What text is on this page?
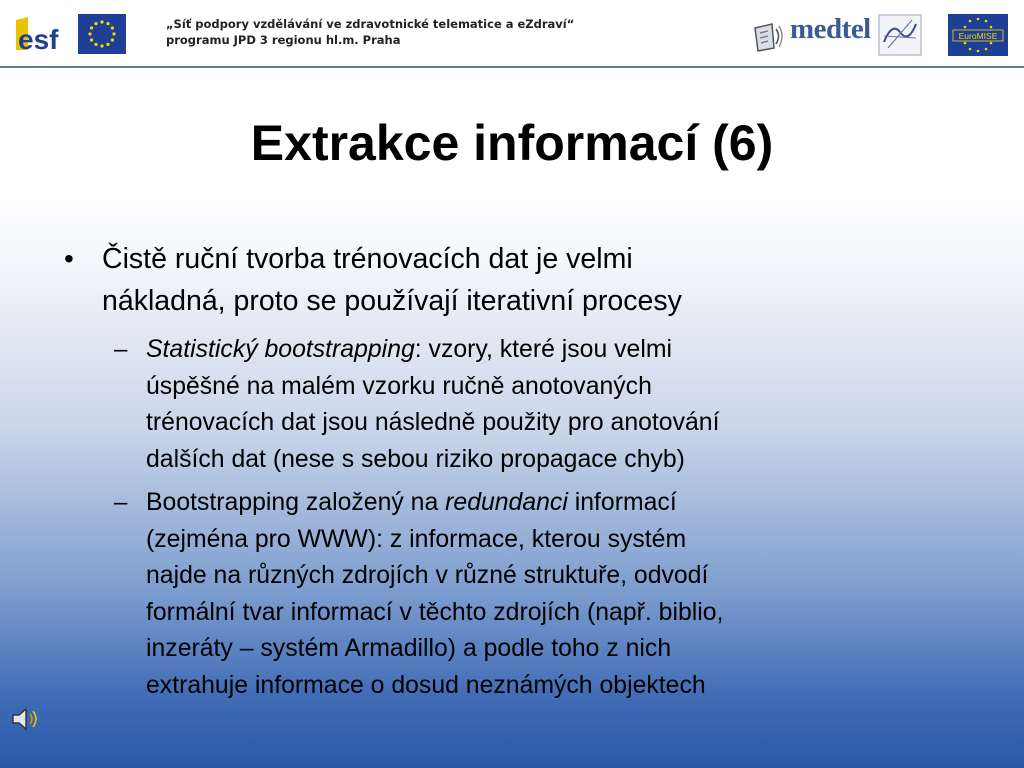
esf	„Síť podpory vzdělávání ve zdravotnické telematice a eZdraví“
programu JPD 3 regionu hl.m. Praha	medtel	EuroMISE
Extrakce informací (6)
• Čistě ruční tvorba trénovacích dat je velmi
nákladná, proto se používají iterativní procesy
– Statistický bootstrapping: vzory, které jsou velmi
úspěšné na malém vzorku ručně anotovaných
trénovacích dat jsou následně použity pro anotování
dalších dat (nese s sebou riziko propagace chyb)
– Bootstrapping založený na redundanci informací
(zejména pro WWW): z informace, kterou systém
najde na různých zdrojích v různé struktuře, odvodí
formální tvar informací v těchto zdrojích (např. biblio,
inzeráty – systém Armadillo) a podle toho z nich
extrahuje informace o dosud neznámých objektech
